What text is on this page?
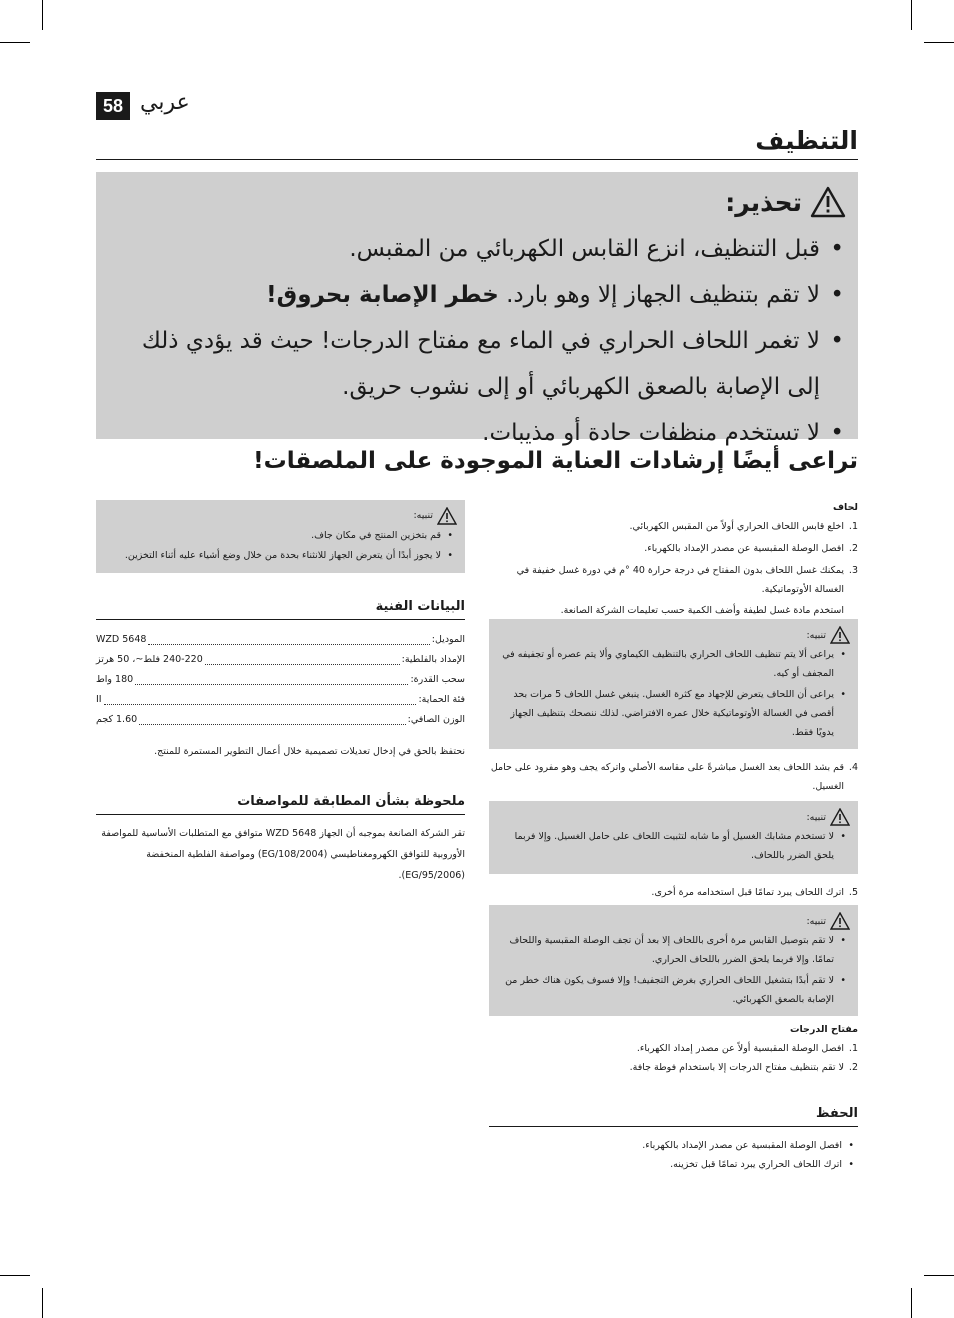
58 عربي
التنظيف
تحذير:
• قبل التنظيف، انزع القابس الكهربائي من المقبس.
• لا تقم بتنظيف الجهاز إلا وهو بارد. خطر الإصابة بحروق!
• لا تغمر اللحاف الحراري في الماء مع مفتاح الدرجات! حيث قد يؤدي ذلك إلى الإصابة بالصعق الكهربائي أو إلى نشوب حريق.
• لا تستخدم منظفات حادة أو مذيبات.
تراعى أيضًا إرشادات العناية الموجودة على الملصقات!

لحاف

1.
اخلع قابس اللحاف الحراري أولاً من المقبس الكهربائي.
2.
افصل الوصلة المقبسية عن مصدر الإمداد بالكهرباء.
3.
يمكنك غسل اللحاف بدون المفتاح في درجة حرارة 40 °م في دورة غسل خفيفة في الغسالة الأوتوماتيكية.

استخدم مادة غسل لطيفة وأضف الكمية حسب تعليمات الشركة الصانعة.

تنبيه:
• يراعى ألا يتم تنظيف اللحاف الحراري بالتنظيف الكيماوي وألا يتم عصره أو تجفيفه في المجفف أو كيه.
• يراعى أن اللحاف يتعرض للإجهاد مع كثرة الغسل. ينبغي غسل اللحاف 5 مرات بحد أقصى في الغسالة الأوتوماتيكية خلال عمره الافتراضي. لذلك ننصحك بتنظيف الجهاز يدويًا فقط.
4.
قم بشد اللحاف بعد الغسل مباشرةً على مقاسه الأصلي واتركه يجف وهو مفرود على حامل الغسيل.
تنبيه:
• لا تستخدم مشابك الغسيل أو ما شابه لتثبيت اللحاف على حامل الغسيل. وإلا فربما يلحق الضرر باللحاف.
5.
اترك اللحاف يبرد تمامًا قبل استخدامه مرة أخرى.
تنبيه:
• لا تقم بتوصيل القابس مرة أخرى باللحاف إلا بعد أن تجف الوصلة المقبسية واللحاف تمامًا. وإلا فربما يلحق الضرر باللحاف الحراري.
• لا تقم أبدًا بتشغيل اللحاف الحراري بغرض التجفيف! وإلا فسوف يكون هناك خطر من الإصابة بالصعق الكهربائي.

مفتاح الدرجات

1.
افصل الوصلة المقبسية أولاً عن مصدر إمداد الكهرباء.
2.
لا تقم بتنظيف مفتاح الدرجات إلا باستخدام فوطة جافة.
الحفظ
• افصل الوصلة المقبسية عن مصدر الإمداد بالكهرباء.
• اترك اللحاف الحراري يبرد تمامًا قبل تخزينه.
تنبيه:
• قم بتخزين المنتج في مكان جاف.
• لا يجوز أبدًا أن يتعرض الجهاز للانثناء بحدة من خلال وضع أشياء عليه أثناء التخزين.
البيانات الفنية
الموديل:
WZD 5648
الإمداد بالفلطية:
240-220 فلط~، 50 هرتز
سحب القدرة:
180 واط
فئة الحماية:
II
الوزن الصافي:
1.60 كجم

نحتفظ بالحق في إدخال تعديلات تصميمية خلال أعمال التطوير المستمرة للمنتج.

ملحوظة بشأن المطابقة للمواصفات

تقر الشركة الصانعة بموجبه أن الجهاز WZD 5648 متوافق مع المتطلبات الأساسية للمواصفة الأوروبية للتوافق الكهرومغناطيسي (EG/108/2004) ومواصفة الفلطية المنخفضة (EG/95/2006).
